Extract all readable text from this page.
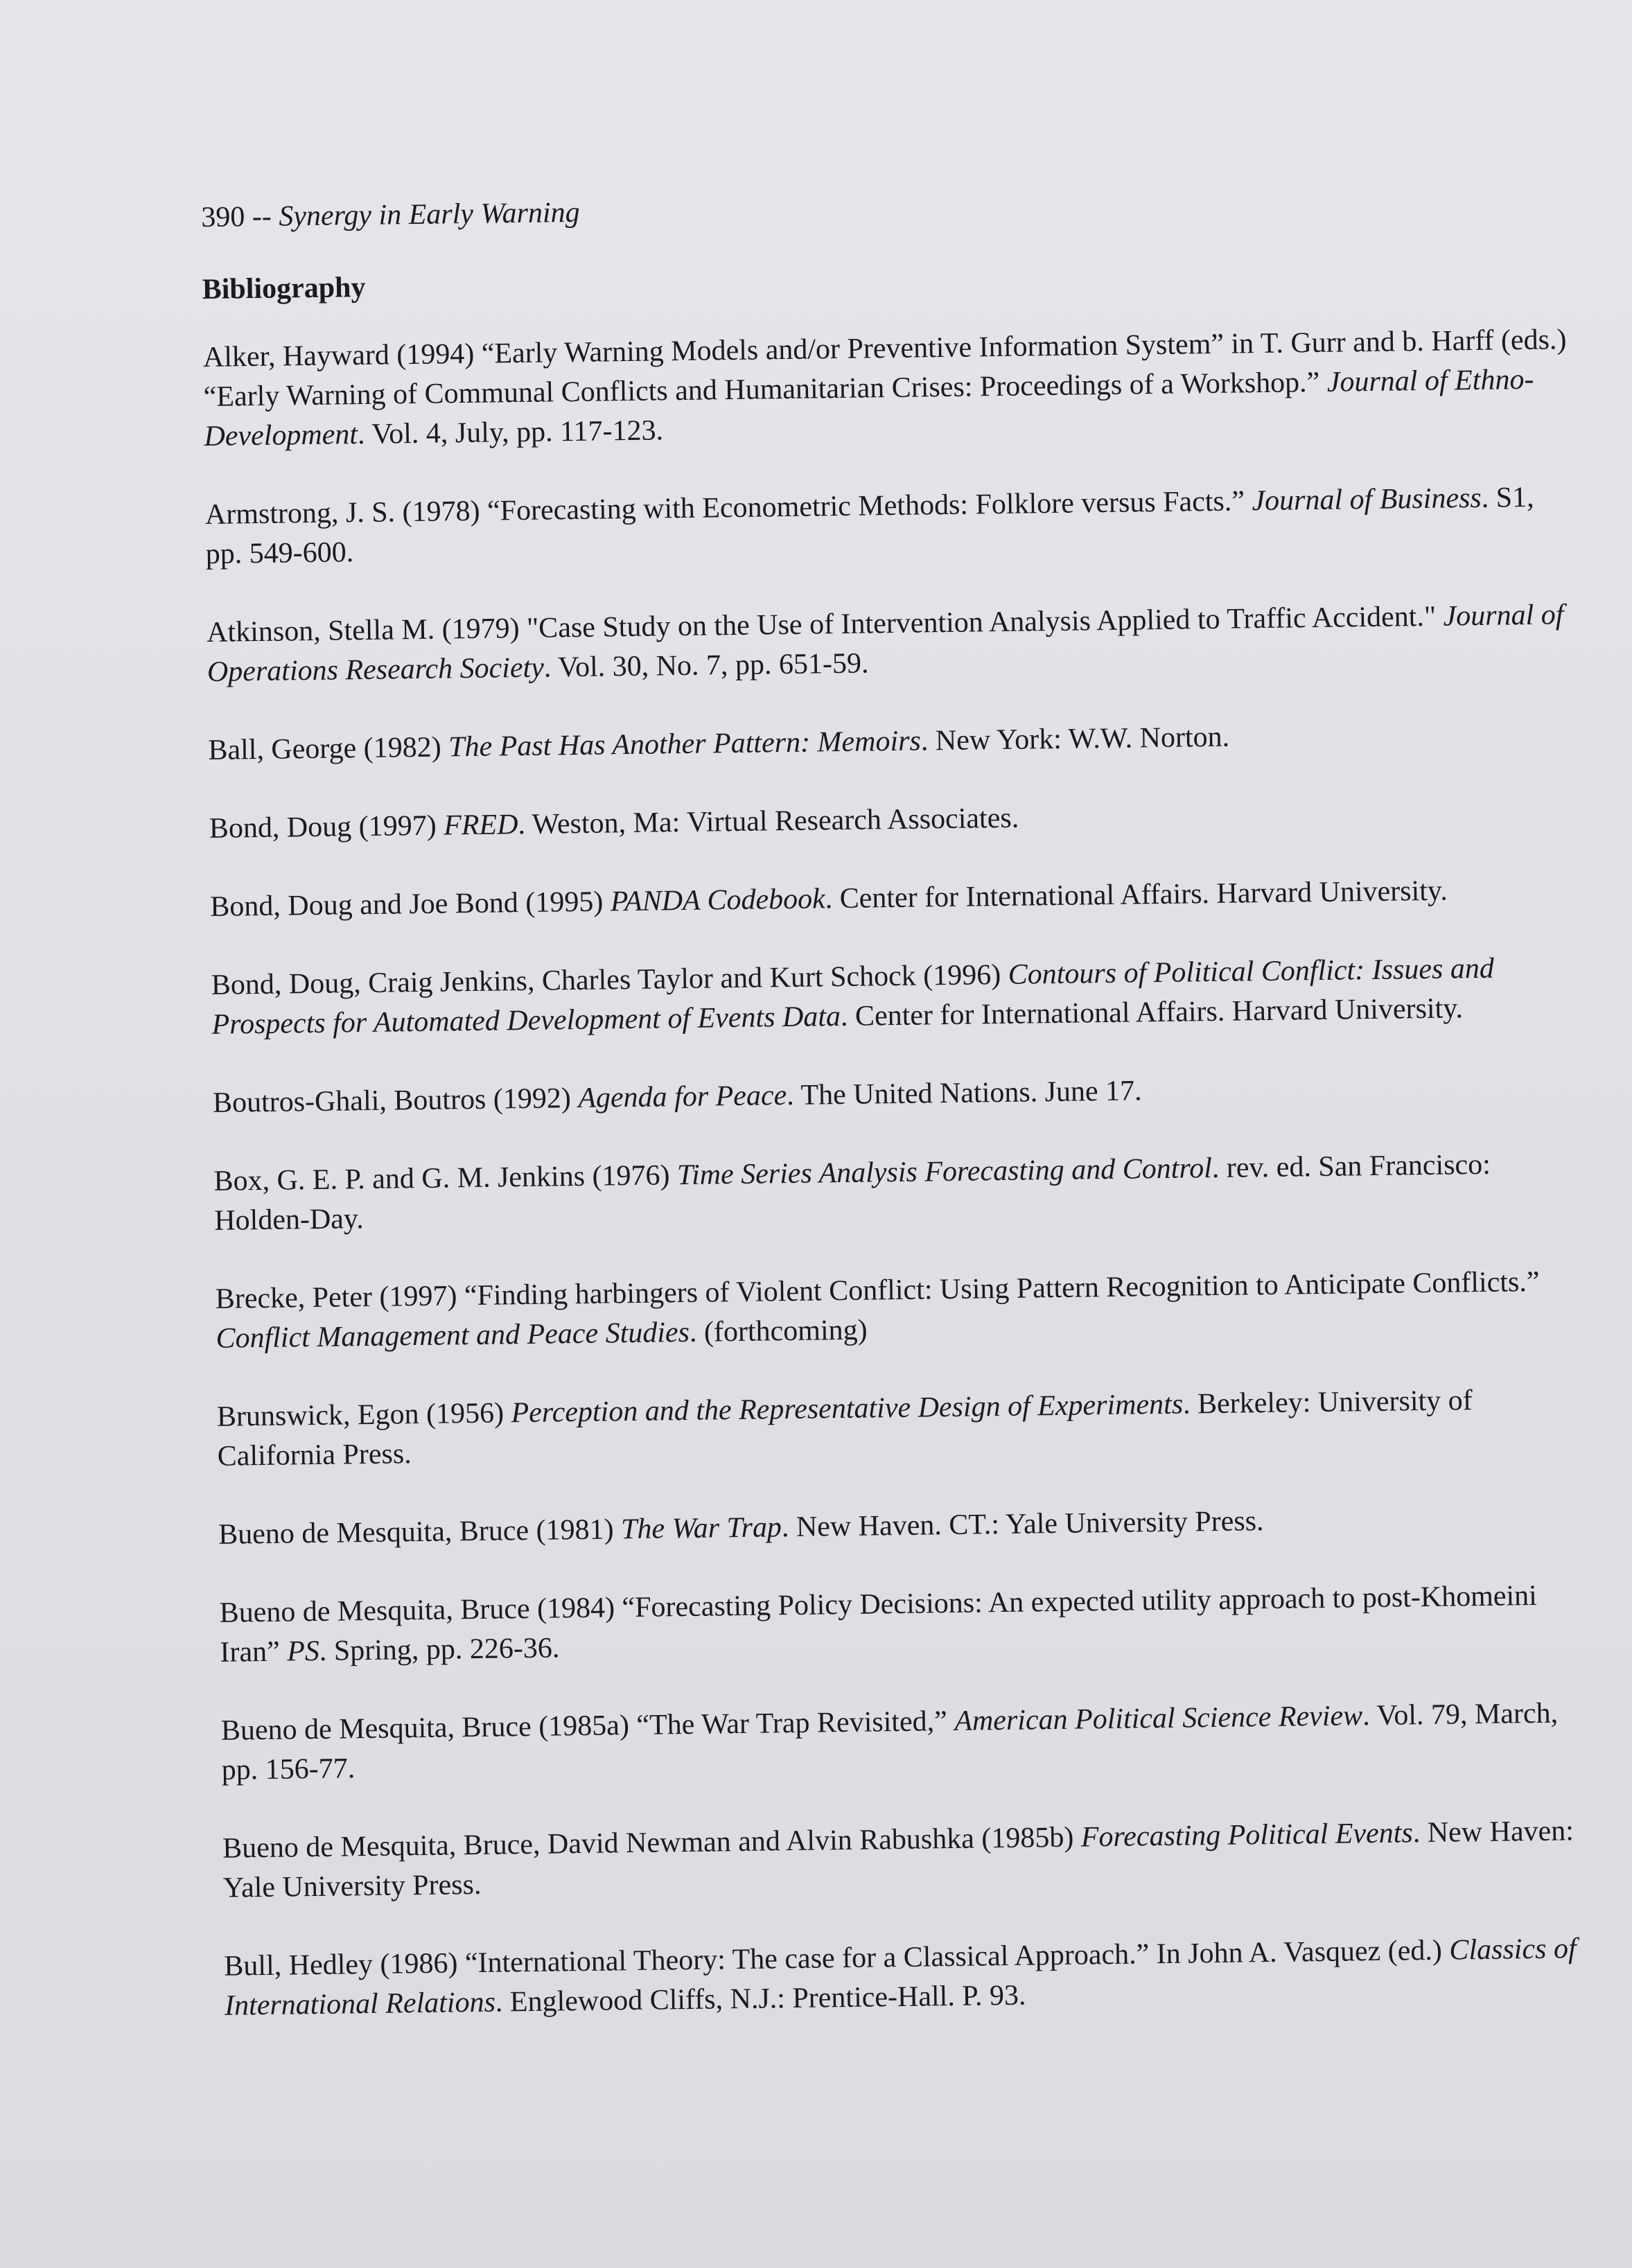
390 -- Synergy in Early Warning
Bibliography
Alker, Hayward (1994) “Early Warning Models and/or Preventive Information System” in T. Gurr and b. Harff (eds.) “Early Warning of Communal Conflicts and Humanitarian Crises: Proceedings of a Workshop.” Journal of Ethno-Development. Vol. 4, July, pp. 117-123.
Armstrong, J. S. (1978) “Forecasting with Econometric Methods: Folklore versus Facts.” Journal of Business. S1, pp. 549-600.
Atkinson, Stella M. (1979) "Case Study on the Use of Intervention Analysis Applied to Traffic Accident." Journal of Operations Research Society. Vol. 30, No. 7, pp. 651-59.
Ball, George (1982) The Past Has Another Pattern: Memoirs. New York: W.W. Norton.
Bond, Doug (1997) FRED. Weston, Ma: Virtual Research Associates.
Bond, Doug and Joe Bond (1995) PANDA Codebook. Center for International Affairs. Harvard University.
Bond, Doug, Craig Jenkins, Charles Taylor and Kurt Schock (1996) Contours of Political Conflict: Issues and Prospects for Automated Development of Events Data. Center for International Affairs. Harvard University.
Boutros-Ghali, Boutros (1992) Agenda for Peace. The United Nations. June 17.
Box, G. E. P. and G. M. Jenkins (1976) Time Series Analysis Forecasting and Control. rev. ed. San Francisco: Holden-Day.
Brecke, Peter (1997) “Finding harbingers of Violent Conflict: Using Pattern Recognition to Anticipate Conflicts.” Conflict Management and Peace Studies. (forthcoming)
Brunswick, Egon (1956) Perception and the Representative Design of Experiments. Berkeley: University of California Press.
Bueno de Mesquita, Bruce (1981) The War Trap. New Haven. CT.: Yale University Press.
Bueno de Mesquita, Bruce (1984) “Forecasting Policy Decisions: An expected utility approach to post-Khomeini Iran” PS. Spring, pp. 226-36.
Bueno de Mesquita, Bruce (1985a) “The War Trap Revisited,” American Political Science Review. Vol. 79, March, pp. 156-77.
Bueno de Mesquita, Bruce, David Newman and Alvin Rabushka (1985b) Forecasting Political Events. New Haven: Yale University Press.
Bull, Hedley (1986) “International Theory: The case for a Classical Approach.” In John A. Vasquez (ed.) Classics of International Relations. Englewood Cliffs, N.J.: Prentice-Hall. P. 93.
